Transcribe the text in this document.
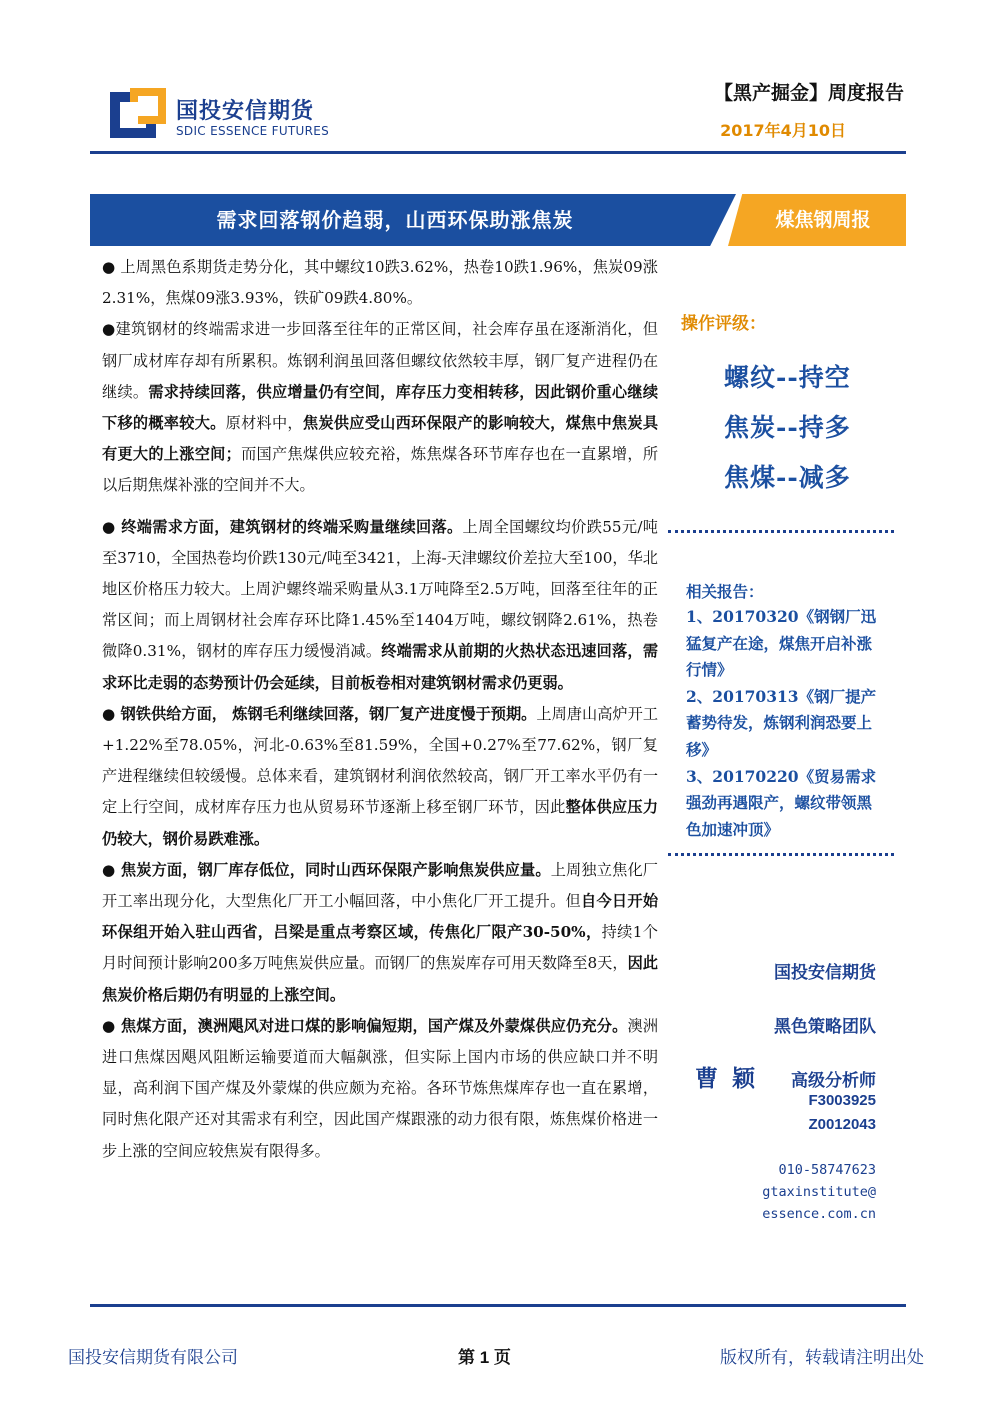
国投安信期货
SDIC ESSENCE FUTURES
【黑产掘金】周度报告
2017年4月10日
需求回落钢价趋弱，山西环保助涨焦炭	煤焦钢周报

● 上周黑色系期货走势分化，其中螺纹10跌3.62%，热卷10跌1.96%，焦炭09涨2.31%，焦煤09涨3.93%，铁矿09跌4.80%。

●建筑钢材的终端需求进一步回落至往年的正常区间，社会库存虽在逐渐消化，但钢厂成材库存却有所累积。炼钢利润虽回落但螺纹依然较丰厚，钢厂复产进程仍在继续。需求持续回落，供应增量仍有空间，库存压力变相转移，因此钢价重心继续下移的概率较大。原材料中，焦炭供应受山西环保限产的影响较大，煤焦中焦炭具有更大的上涨空间；而国产焦煤供应较充裕，炼焦煤各环节库存也在一直累增，所以后期焦煤补涨的空间并不大。

● 终端需求方面，建筑钢材的终端采购量继续回落。上周全国螺纹均价跌55元/吨至3710，全国热卷均价跌130元/吨至3421，上海-天津螺纹价差拉大至100，华北地区价格压力较大。上周沪螺终端采购量从3.1万吨降至2.5万吨，回落至往年的正常区间；而上周钢材社会库存环比降1.45%至1404万吨，螺纹钢降2.61%，热卷微降0.31%，钢材的库存压力缓慢消减。终端需求从前期的火热状态迅速回落，需求环比走弱的态势预计仍会延续，目前板卷相对建筑钢材需求仍更弱。

● 钢铁供给方面， 炼钢毛利继续回落，钢厂复产进度慢于预期。上周唐山高炉开工+1.22%至78.05%，河北-0.63%至81.59%，全国+0.27%至77.62%，钢厂复产进程继续但较缓慢。总体来看，建筑钢材利润依然较高，钢厂开工率水平仍有一定上行空间，成材库存压力也从贸易环节逐渐上移至钢厂环节，因此整体供应压力仍较大，钢价易跌难涨。

● 焦炭方面，钢厂库存低位，同时山西环保限产影响焦炭供应量。上周独立焦化厂开工率出现分化，大型焦化厂开工小幅回落，中小焦化厂开工提升。但自今日开始环保组开始入驻山西省，吕梁是重点考察区域，传焦化厂限产30-50%，持续1个月时间预计影响200多万吨焦炭供应量。而钢厂的焦炭库存可用天数降至8天，因此焦炭价格后期仍有明显的上涨空间。

● 焦煤方面，澳洲飓风对进口煤的影响偏短期，国产煤及外蒙煤供应仍充分。澳洲进口焦煤因飓风阻断运输要道而大幅飙涨，但实际上国内市场的供应缺口并不明显，高利润下国产煤及外蒙煤的供应颇为充裕。各环节炼焦煤库存也一直在累增，同时焦化限产还对其需求有利空，因此国产煤跟涨的动力很有限，炼焦煤价格进一步上涨的空间应较焦炭有限得多。

操作评级：
螺纹--持空
焦炭--持多
焦煤--减多
相关报告：
1、20170320《钢钢厂迅猛复产在途，煤焦开启补涨行情》
2、20170313《钢厂提产蓄势待发，炼钢利润恐要上移》
3、20170220《贸易需求强劲再遇限产，螺纹带领黑色加速冲顶》
国投安信期货
黑色策略团队
曹颖 高级分析师
F3003925
Z0012043
010-58747623
gtaxinstitute@
essence.com.cn
国投安信期货有限公司	第 1 页	版权所有，转载请注明出处
